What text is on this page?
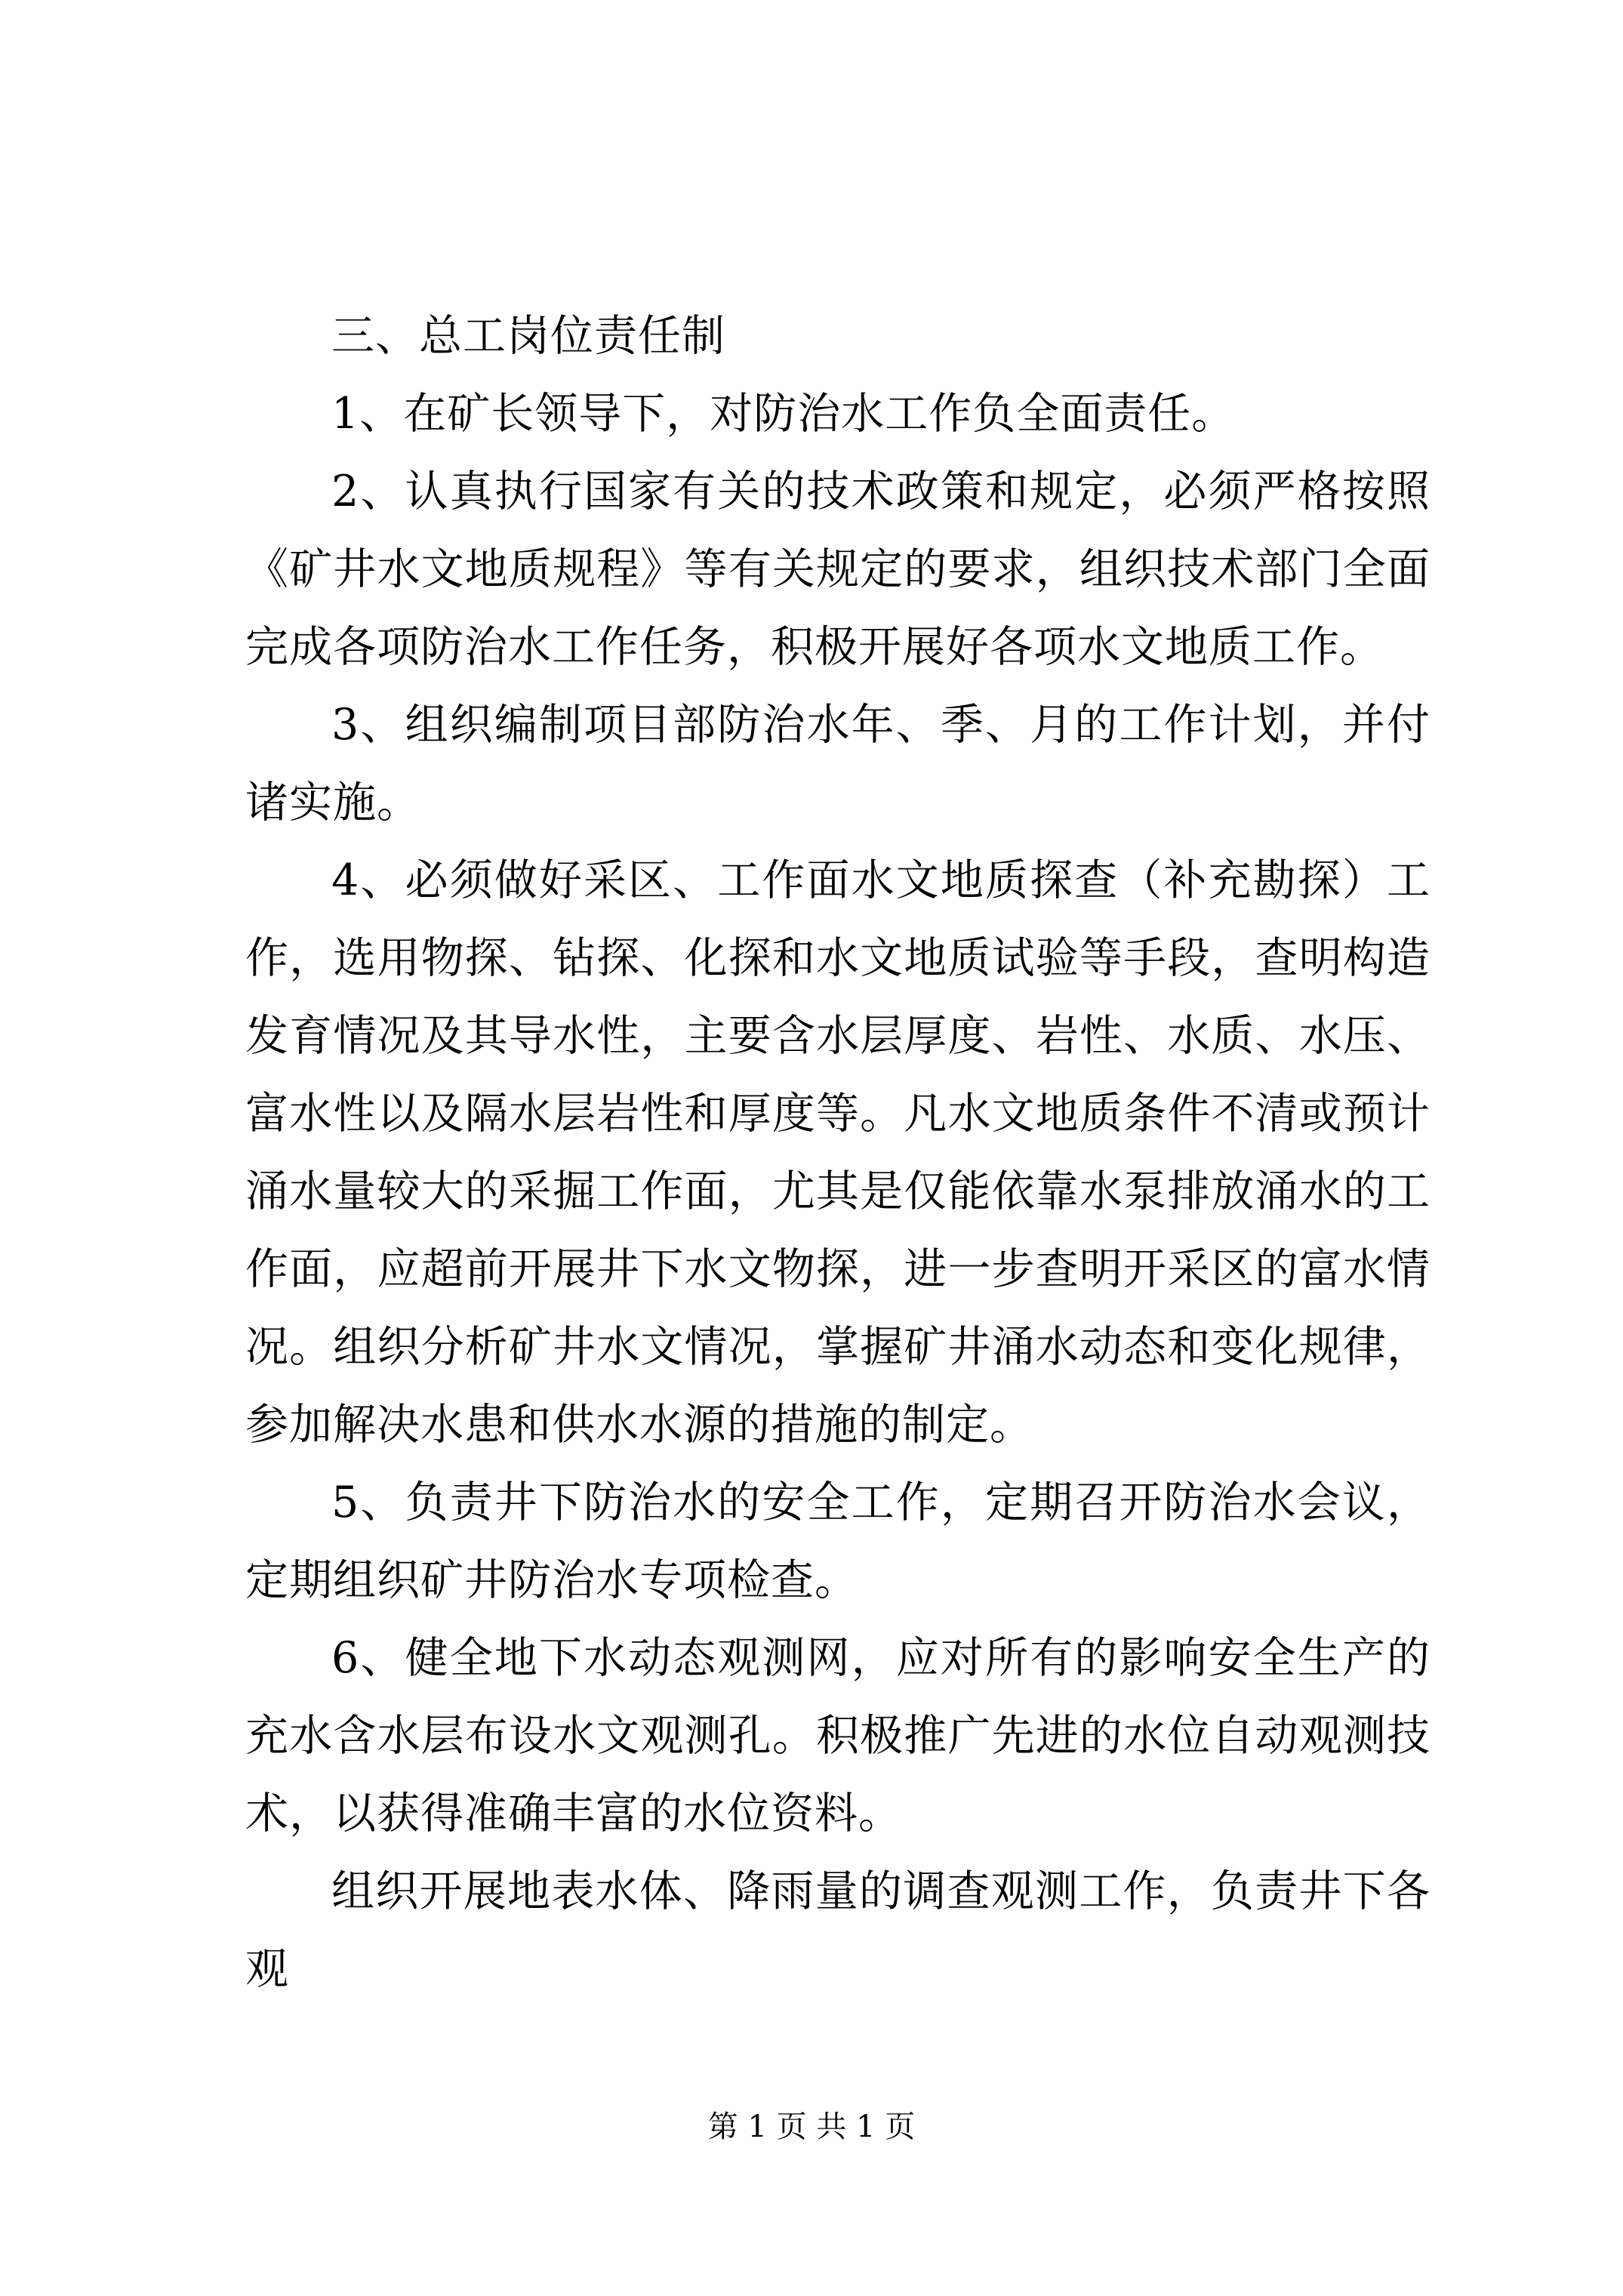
三、总工岗位责任制

1、在矿长领导下，对防治水工作负全面责任。

2、认真执行国家有关的技术政策和规定，必须严格按照《矿井水文地质规程》等有关规定的要求，组织技术部门全面完成各项防治水工作任务，积极开展好各项水文地质工作。

3、组织编制项目部防治水年、季、月的工作计划，并付诸实施。

4、必须做好采区、工作面水文地质探查（补充勘探）工作，选用物探、钻探、化探和水文地质试验等手段，查明构造发育情况及其导水性，主要含水层厚度、岩性、水质、水压、富水性以及隔水层岩性和厚度等。凡水文地质条件不清或预计涌水量较大的采掘工作面，尤其是仅能依靠水泵排放涌水的工作面，应超前开展井下水文物探，进一步查明开采区的富水情况。组织分析矿井水文情况，掌握矿井涌水动态和变化规律，参加解决水患和供水水源的措施的制定。

5、负责井下防治水的安全工作，定期召开防治水会议，定期组织矿井防治水专项检查。

6、健全地下水动态观测网，应对所有的影响安全生产的充水含水层布设水文观测孔。积极推广先进的水位自动观测技术，以获得准确丰富的水位资料。

组织开展地表水体、降雨量的调查观测工作，负责井下各观

第 1 页 共 1 页
